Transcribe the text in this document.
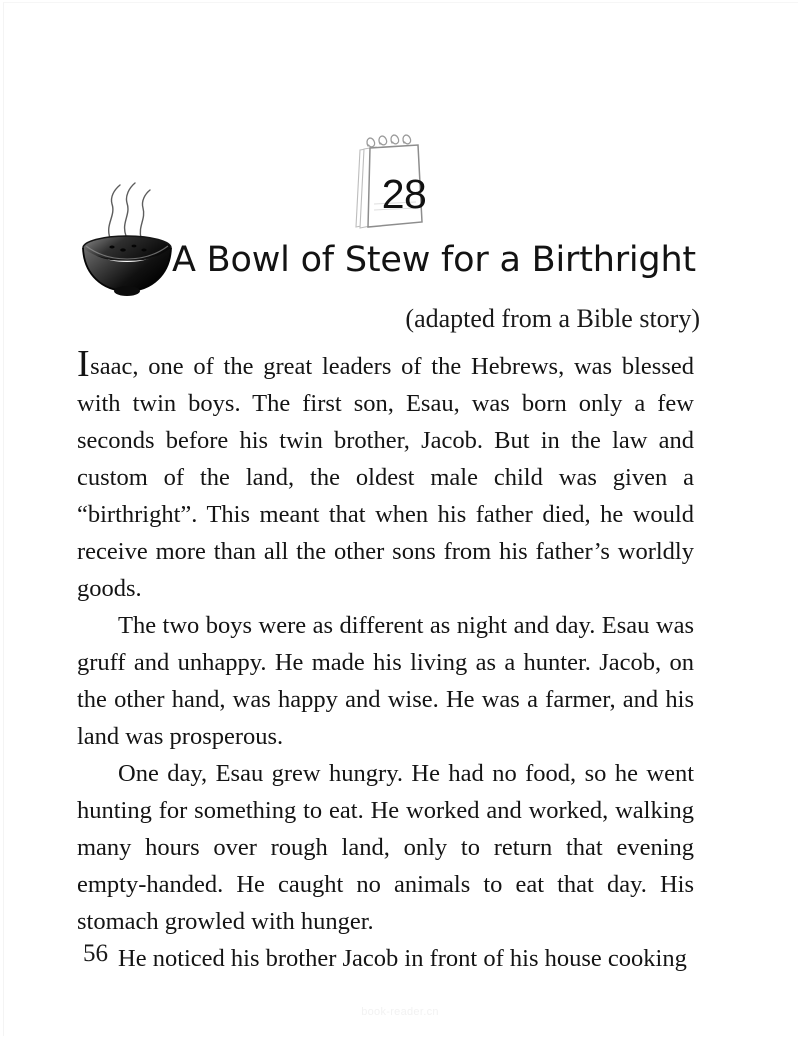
28
A Bowl of Stew for a Birthright
(adapted from a Bible story)

Isaac, one of the great leaders of the Hebrews, was blessed with twin boys. The first son, Esau, was born only a few seconds before his twin brother, Jacob. But in the law and custom of the land, the oldest male child was given a “birthright”. This meant that when his father died, he would receive more than all the other sons from his father’s worldly goods.

The two boys were as different as night and day. Esau was gruff and unhappy. He made his living as a hunter. Jacob, on the other hand, was happy and wise. He was a farmer, and his land was prosperous.

One day, Esau grew hungry. He had no food, so he went hunting for something to eat. He worked and worked, walking many hours over rough land, only to return that evening empty-handed. He caught no animals to eat that day. His stomach growled with hunger.

He noticed his brother Jacob in front of his house cooking

56
book-reader.cn
